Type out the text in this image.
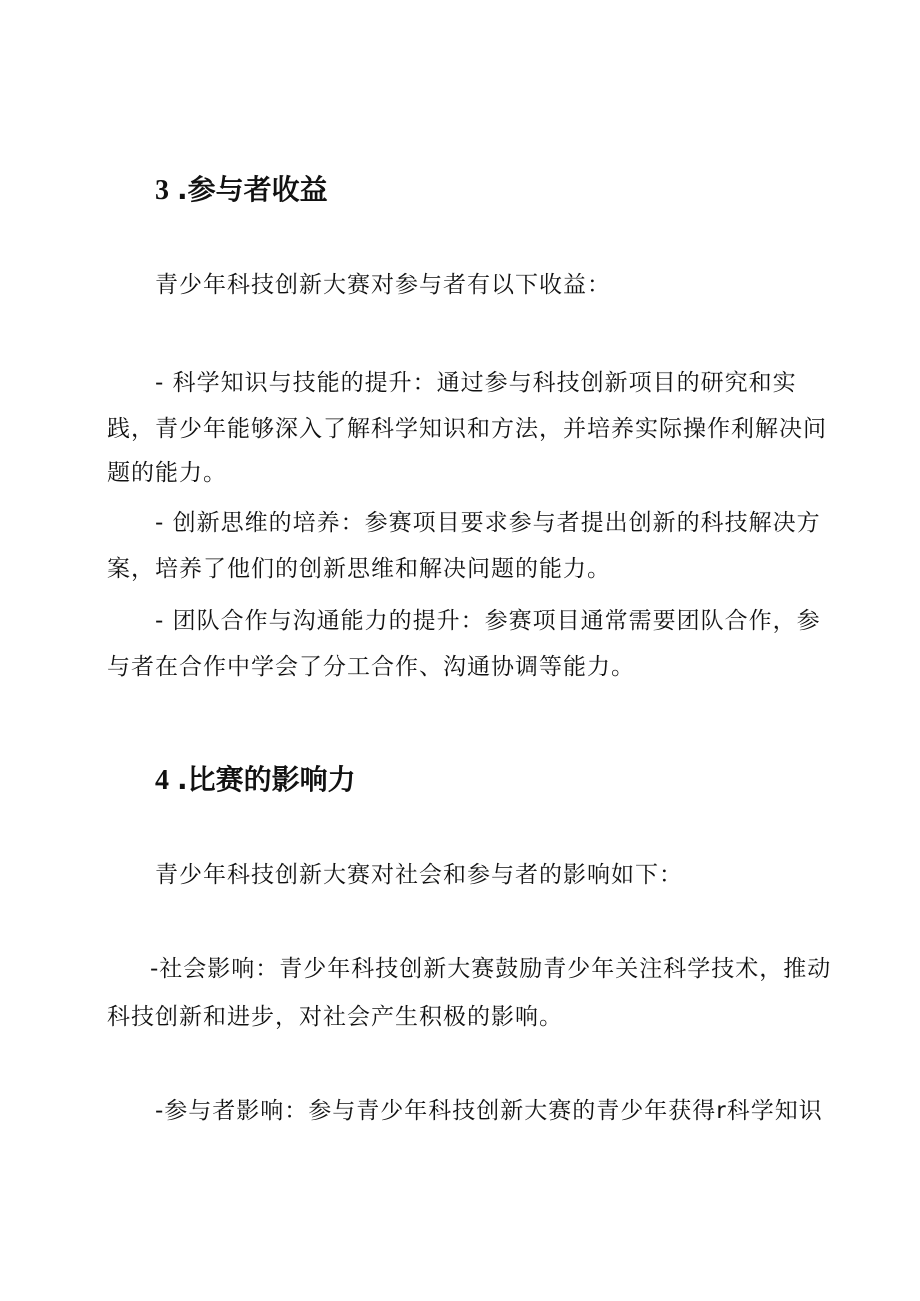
3 .参与者收益
青少年科技创新大赛对参与者有以下收益：
- 科学知识与技能的提升：通过参与科技创新项目的研究和实
践，青少年能够深入了解科学知识和方法，并培养实际操作利解决问
题的能力。
- 创新思维的培养：参赛项目要求参与者提出创新的科技解决方
案，培养了他们的创新思维和解决问题的能力。
- 团队合作与沟通能力的提升：参赛项目通常需要团队合作，参
与者在合作中学会了分工合作、沟通协调等能力。
4 .比赛的影响力
青少年科技创新大赛对社会和参与者的影响如下：
-社会影响：青少年科技创新大赛鼓励青少年关注科学技术，推动
科技创新和进步，对社会产生积极的影响。
-参与者影响：参与青少年科技创新大赛的青少年获得r科学知识
